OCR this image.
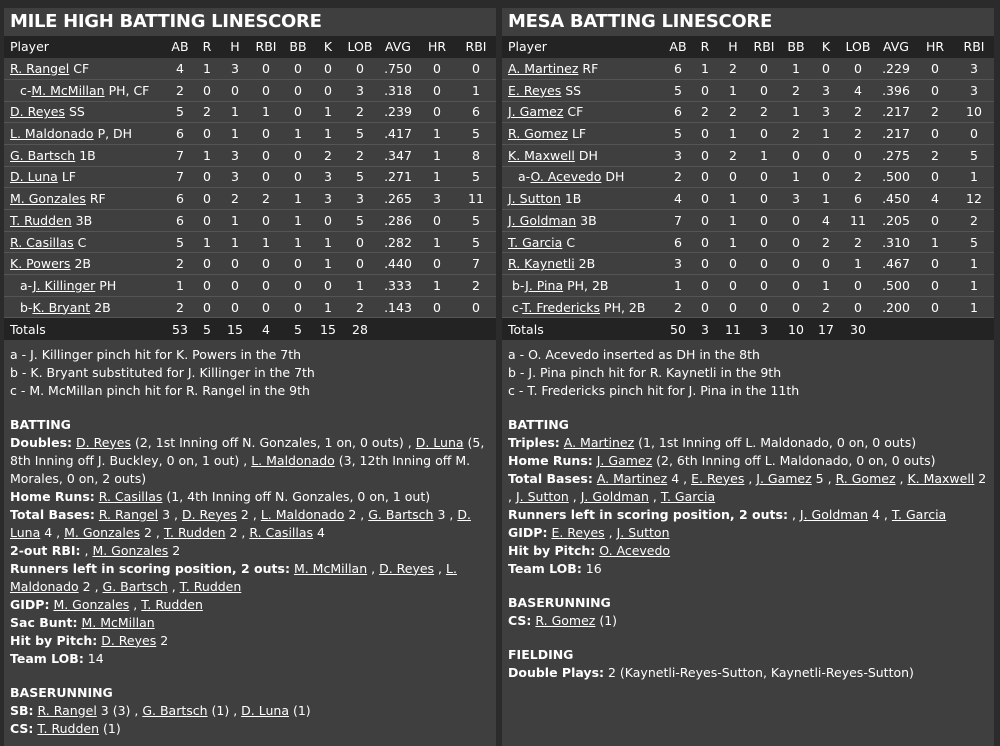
MILE HIGH BATTING LINESCORE
Player	AB	R	H	RBI	BB	K	LOB	AVG	HR	RBI
R. Rangel CF	4	1	3	0	0	0	0	.750	0	0
c-M. McMillan PH, CF	2	0	0	0	0	0	3	.318	0	1
D. Reyes SS	5	2	1	1	0	1	2	.239	0	6
L. Maldonado P, DH	6	0	1	0	1	1	5	.417	1	5
G. Bartsch 1B	7	1	3	0	0	2	2	.347	1	8
D. Luna LF	7	0	3	0	0	3	5	.271	1	5
M. Gonzales RF	6	0	2	2	1	3	3	.265	3	11
T. Rudden 3B	6	0	1	0	1	0	5	.286	0	5
R. Casillas C	5	1	1	1	1	1	0	.282	1	5
K. Powers 2B	2	0	0	0	0	1	0	.440	0	7
a-J. Killinger PH	1	0	0	0	0	0	1	.333	1	2
b-K. Bryant 2B	2	0	0	0	0	1	2	.143	0	0
Totals	53	5	15	4	5	15	28			
a - J. Killinger pinch hit for K. Powers in the 7th
b - K. Bryant substituted for J. Killinger in the 7th
c - M. McMillan pinch hit for R. Rangel in the 9th
BATTING
Doubles: D. Reyes (2, 1st Inning off N. Gonzales, 1 on, 0 outs) , D. Luna (5, 8th Inning off J. Buckley, 0 on, 1 out) , L. Maldonado (3, 12th Inning off M. Morales, 0 on, 2 outs)
Home Runs: R. Casillas (1, 4th Inning off N. Gonzales, 0 on, 1 out)
Total Bases: R. Rangel 3 , D. Reyes 2 , L. Maldonado 2 , G. Bartsch 3 , D. Luna 4 , M. Gonzales 2 , T. Rudden 2 , R. Casillas 4
2-out RBI: , M. Gonzales 2
Runners left in scoring position, 2 outs: M. McMillan , D. Reyes , L. Maldonado 2 , G. Bartsch , T. Rudden
GIDP: M. Gonzales , T. Rudden
Sac Bunt: M. McMillan
Hit by Pitch: D. Reyes 2
Team LOB: 14
BASERUNNING
SB: R. Rangel 3 (3) , G. Bartsch (1) , D. Luna (1)
CS: T. Rudden (1)
MESA BATTING LINESCORE
Player	AB	R	H	RBI	BB	K	LOB	AVG	HR	RBI
A. Martinez RF	6	1	2	0	1	0	0	.229	0	3
E. Reyes SS	5	0	1	0	2	3	4	.396	0	3
J. Gamez CF	6	2	2	2	1	3	2	.217	2	10
R. Gomez LF	5	0	1	0	2	1	2	.217	0	0
K. Maxwell DH	3	0	2	1	0	0	0	.275	2	5
a-O. Acevedo DH	2	0	0	0	1	0	2	.500	0	1
J. Sutton 1B	4	0	1	0	3	1	6	.450	4	12
J. Goldman 3B	7	0	1	0	0	4	11	.205	0	2
T. Garcia C	6	0	1	0	0	2	2	.310	1	5
R. Kaynetli 2B	3	0	0	0	0	0	1	.467	0	1
b-J. Pina PH, 2B	1	0	0	0	0	1	0	.500	0	1
c-T. Fredericks PH, 2B	2	0	0	0	0	2	0	.200	0	1
Totals	50	3	11	3	10	17	30			
a - O. Acevedo inserted as DH in the 8th
b - J. Pina pinch hit for R. Kaynetli in the 9th
c - T. Fredericks pinch hit for J. Pina in the 11th
BATTING
Triples: A. Martinez (1, 1st Inning off L. Maldonado, 0 on, 0 outs)
Home Runs: J. Gamez (2, 6th Inning off L. Maldonado, 0 on, 0 outs)
Total Bases: A. Martinez 4 , E. Reyes , J. Gamez 5 , R. Gomez , K. Maxwell 2 , J. Sutton , J. Goldman , T. Garcia
Runners left in scoring position, 2 outs: , J. Goldman 4 , T. Garcia
GIDP: E. Reyes , J. Sutton
Hit by Pitch: O. Acevedo
Team LOB: 16
BASERUNNING
CS: R. Gomez (1)
FIELDING
Double Plays: 2 (Kaynetli-Reyes-Sutton, Kaynetli-Reyes-Sutton)
